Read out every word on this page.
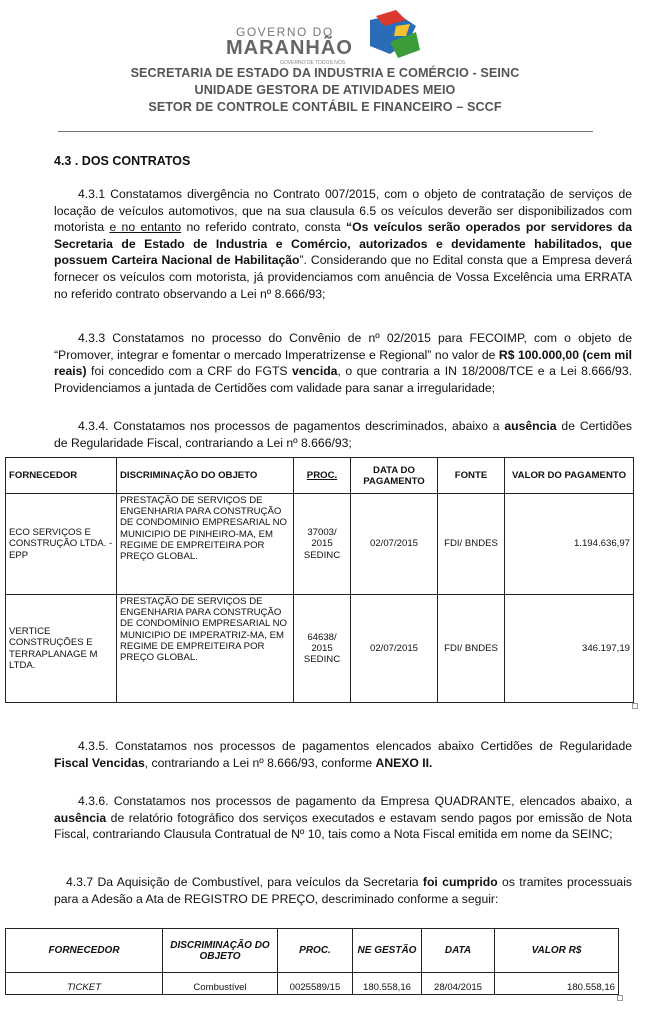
GOVERNO DO
MARANHÃO
GOVERNO DE TODOS NÓS
SECRETARIA DE ESTADO DA INDUSTRIA E COMÉRCIO - SEINC
UNIDADE GESTORA DE ATIVIDADES MEIO
SETOR DE CONTROLE CONTÁBIL E FINANCEIRO – SCCF
4.3 . DOS CONTRATOS
4.3.1 Constatamos divergência no Contrato 007/2015, com o objeto de contratação de serviços de locação de veículos automotivos, que na sua clausula 6.5 os veículos deverão ser disponibilizados com motorista e no entanto no referido contrato, consta “Os veículos serão operados por servidores da Secretaria de Estado de Industria e Comércio, autorizados e devidamente habilitados, que possuem Carteira Nacional de Habilitação”. Considerando que no Edital consta que a Empresa deverá fornecer os veículos com motorista, já providenciamos com anuência de Vossa Excelência uma ERRATA no referido contrato observando a Lei nº 8.666/93;
4.3.3 Constatamos no processo do Convênio de nº 02/2015 para FECOIMP, com o objeto de “Promover, integrar e fomentar o mercado Imperatrizense e Regional” no valor de R$ 100.000,00 (cem mil reais) foi concedido com a CRF do FGTS vencida, o que contraria a IN 18/2008/TCE e a Lei 8.666/93. Providenciamos a juntada de Certidões com validade para sanar a irregularidade;
4.3.4. Constatamos nos processos de pagamentos descriminados, abaixo a ausência de Certidões de Regularidade Fiscal, contrariando a Lei nº 8.666/93;
FORNECEDOR	DISCRIMINAÇÃO DO OBJETO	PROC.	DATA DO PAGAMENTO	FONTE	VALOR DO PAGAMENTO
ECO SERVIÇOS E CONSTRUÇÃO LTDA. - EPP	PRESTAÇÃO DE SERVIÇOS DE ENGENHARIA PARA CONSTRUÇÃO DE CONDOMINIO EMPRESARIAL NO MUNICIPIO DE PINHEIRO-MA, EM REGIME DE EMPREITEIRA POR PREÇO GLOBAL.	37003/ 2015 SEDINC	02/07/2015	FDI/ BNDES	1.194.636,97
VERTICE CONSTRUÇÕES E TERRAPLANAGE M LTDA.	PRESTAÇÃO DE SERVIÇOS DE ENGENHARIA PARA CONSTRUÇÃO DE CONDOMÍNIO EMPRESARIAL NO MUNICIPIO DE IMPERATRIZ-MA, EM REGIME DE EMPREITEIRA POR PREÇO GLOBAL.	64638/ 2015 SEDINC	02/07/2015	FDI/ BNDES	346.197,19
4.3.5. Constatamos nos processos de pagamentos elencados abaixo Certidões de Regularidade Fiscal Vencidas, contrariando a Lei nº 8.666/93, conforme ANEXO II.
4.3.6. Constatamos nos processos de pagamento da Empresa QUADRANTE, elencados abaixo, a ausência de relatório fotográfico dos serviços executados e estavam sendo pagos por emissão de Nota Fiscal, contrariando Clausula Contratual de Nº 10, tais como a Nota Fiscal emitida em nome da SEINC;
4.3.7 Da Aquisição de Combustível, para veículos da Secretaria foi cumprido os tramites processuais para a Adesão a Ata de REGISTRO DE PREÇO, descriminado conforme a seguir:
FORNECEDOR	DISCRIMINAÇÃO DO OBJETO	PROC.	NE GESTÃO	DATA	VALOR R$
TICKET	Combustível	0025589/15	180.558,16	28/04/2015	180.558,16
